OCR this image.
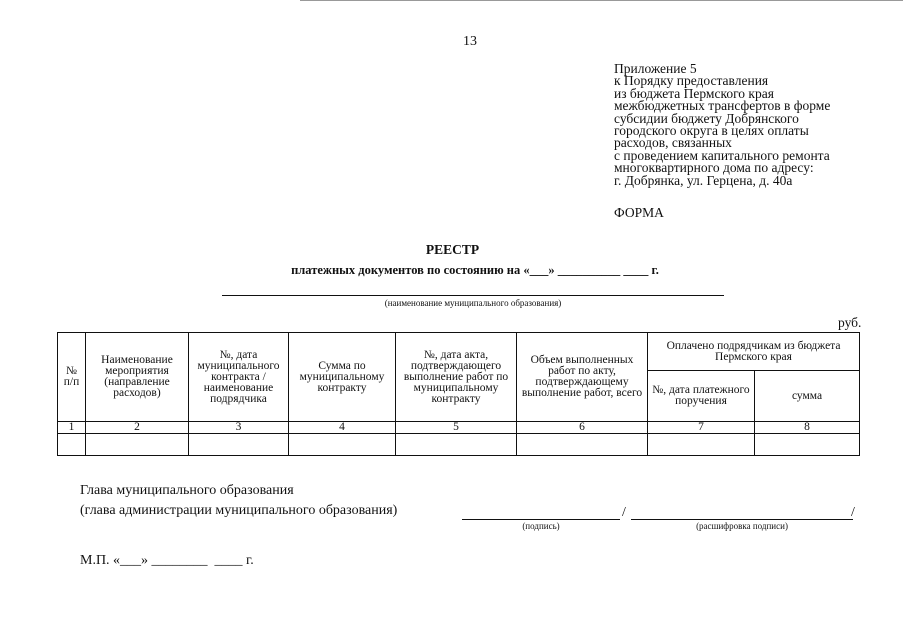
13
Приложение 5
к Порядку предоставления
из бюджета Пермского края
межбюджетных трансфертов в форме
субсидии бюджету Добрянского
городского округа в целях оплаты
расходов, связанных
с проведением капитального ремонта
многоквартирного дома по адресу:
г. Добрянка, ул. Герцена, д. 40а
ФОРМА
РЕЕСТР
платежных документов по состоянию на «___» __________ ____ г.
(наименование муниципального образования)
руб.
№ п/п	Наименование мероприятия (направление расходов)	№, дата муниципального контракта / наименование подрядчика	Сумма по муниципальному контракту	№, дата акта, подтверждающего выполнение работ по муниципальному контракту	Объем выполненных работ по акту, подтверждающему выполнение работ, всего	Оплачено подрядчикам из бюджета Пермского края	
						№, дата платежного поручения	сумма
1	2	3	4	5	6	7	8

Глава муниципального образования
(глава администрации муниципального образования)	/	/
(подпись)	(расшифровка подписи)
М.П. «___» ________  ____ г.
